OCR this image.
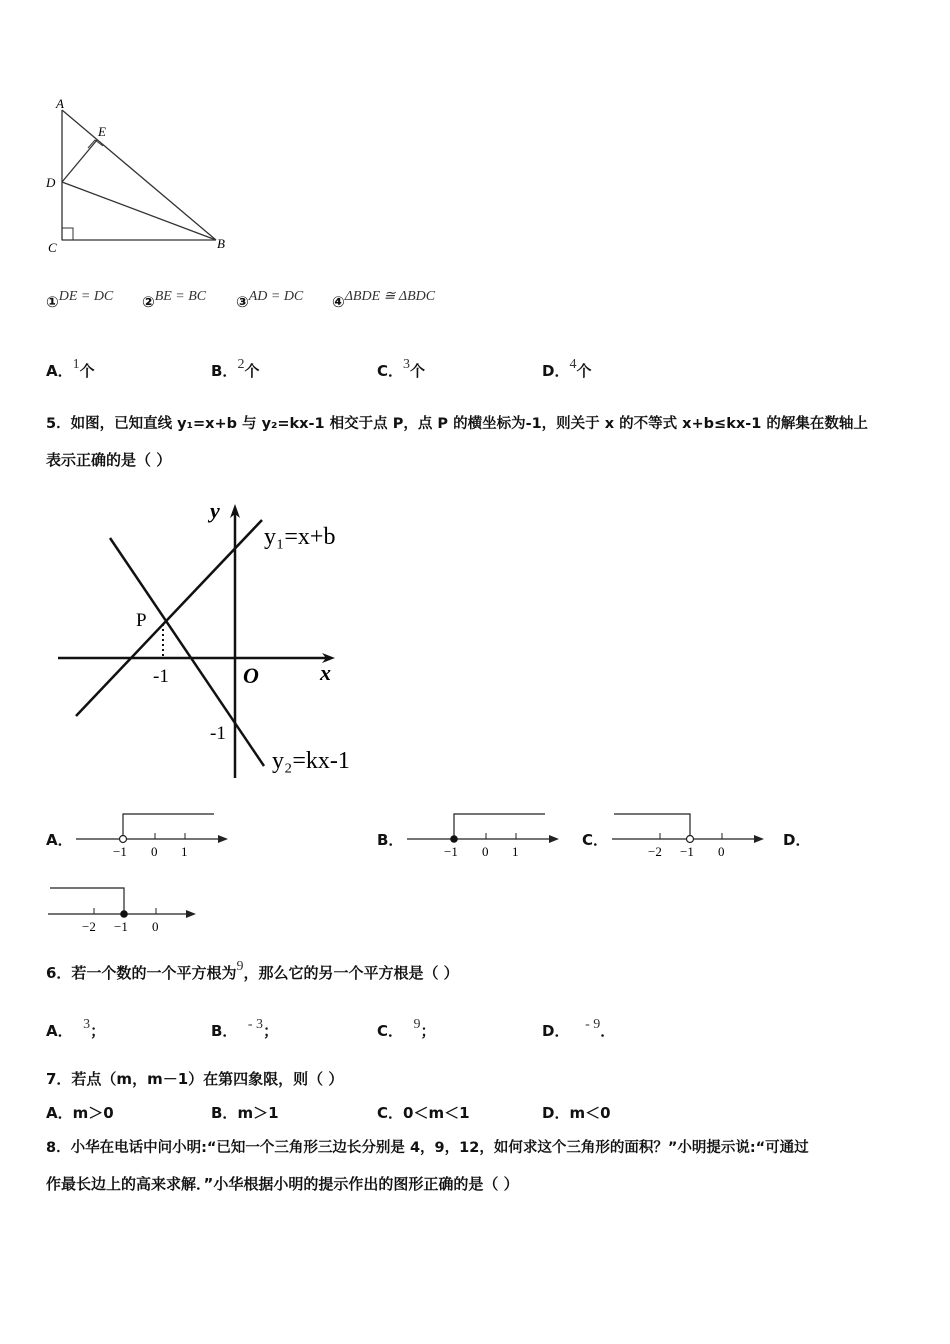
A
E
D
C	B
①DE = DC ②BE = BC ③AD = DC ④ΔBDE ≅ ΔBDC
A．1个	B．2个	C．3个	D．4个
5．如图，已知直线 y₁=x+b 与 y₂=kx-1 相交于点 P，点 P 的横坐标为-1，则关于 x 的不等式 x+b≤kx-1 的解集在数轴上
表示正确的是（ ）
y
x
O
P
-1
-1
y₁=x+b
y₂=kx-1
A．
−1 0 1
B．
−1 0 1
C．
−2 −1 0
D．
−2 −1 0
6．若一个数的一个平方根为9，那么它的另一个平方根是（ ）
A． 3；	B． - 3；	C． 9；	D． - 9．
7．若点（m，m－1）在第四象限，则（ ）
A．m＞0	B．m＞1	C．0＜m＜1	D．m＜0
8．小华在电话中问小明:“已知一个三角形三边长分别是 4，9，12，如何求这个三角形的面积？”小明提示说:“可通过
作最长边上的高来求解．”小华根据小明的提示作出的图形正确的是（ ）
